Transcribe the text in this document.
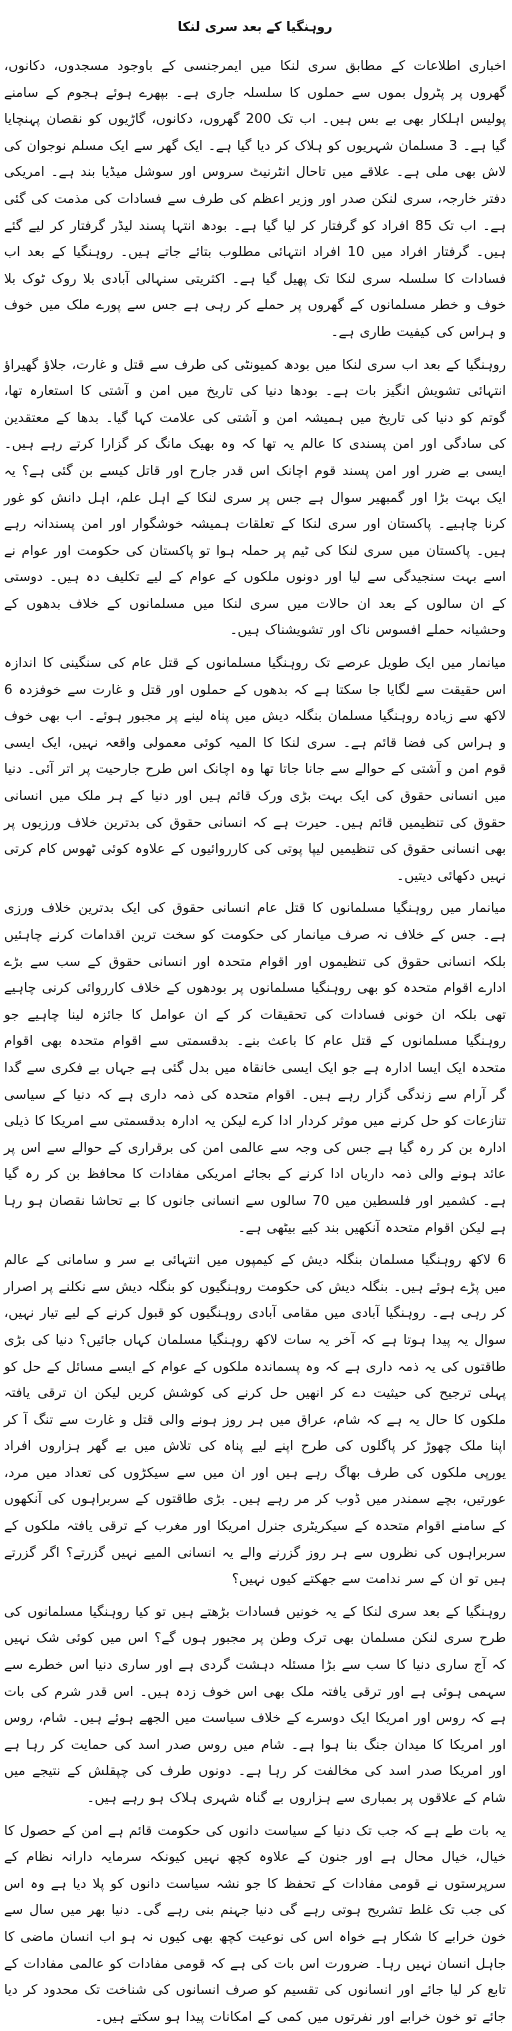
روہنگیا کے بعد سری لنکا

اخباری اطلاعات کے مطابق سری لنکا میں ایمرجنسی کے باوجود مسجدوں، دکانوں، گھروں پر پٹرول بموں سے حملوں کا سلسلہ جاری ہے۔ بپھرے ہوئے ہجوم کے سامنے پولیس اہلکار بھی بے بس ہیں۔ اب تک 200 گھروں، دکانوں، گاڑیوں کو نقصان پہنچایا گیا ہے۔ 3 مسلمان شہریوں کو ہلاک کر دیا گیا ہے۔ ایک گھر سے ایک مسلم نوجوان کی لاش بھی ملی ہے۔ علاقے میں تاحال انٹرنیٹ سروس اور سوشل میڈیا بند ہے۔ امریکی دفتر خارجہ، سری لنکن صدر اور وزیر اعظم کی طرف سے فسادات کی مذمت کی گئی ہے۔ اب تک 85 افراد کو گرفتار کر لیا گیا ہے۔ بودھ انتہا پسند لیڈر گرفتار کر لیے گئے ہیں۔ گرفتار افراد میں 10 افراد انتہائی مطلوب بتائے جاتے ہیں۔ روہنگیا کے بعد اب فسادات کا سلسلہ سری لنکا تک پھیل گیا ہے۔ اکثریتی سنہالی آبادی بلا روک ٹوک بلا خوف و خطر مسلمانوں کے گھروں پر حملے کر رہی ہے جس سے پورے ملک میں خوف و ہراس کی کیفیت طاری ہے۔

روہنگیا کے بعد اب سری لنکا میں بودھ کمیونٹی کی طرف سے قتل و غارت، جلاؤ گھیراؤ انتہائی تشویش انگیز بات ہے۔ بودھا دنیا کی تاریخ میں امن و آشتی کا استعارہ تھا، گوتم کو دنیا کی تاریخ میں ہمیشہ امن و آشتی کی علامت کہا گیا۔ بدھا کے معتقدین کی سادگی اور امن پسندی کا عالم یہ تھا کہ وہ بھیک مانگ کر گزارا کرتے رہے ہیں۔ ایسی بے ضرر اور امن پسند قوم اچانک اس قدر جارح اور قاتل کیسے بن گئی ہے؟ یہ ایک بہت بڑا اور گمبھیر سوال ہے جس پر سری لنکا کے اہل علم، اہل دانش کو غور کرنا چاہیے۔ پاکستان اور سری لنکا کے تعلقات ہمیشہ خوشگوار اور امن پسندانہ رہے ہیں۔ پاکستان میں سری لنکا کی ٹیم پر حملہ ہوا تو پاکستان کی حکومت اور عوام نے اسے بہت سنجیدگی سے لیا اور دونوں ملکوں کے عوام کے لیے تکلیف دہ ہیں۔ دوستی کے ان سالوں کے بعد ان حالات میں سری لنکا میں مسلمانوں کے خلاف بدھوں کے وحشیانہ حملے افسوس ناک اور تشویشناک ہیں۔

میانمار میں ایک طویل عرصے تک روہنگیا مسلمانوں کے قتل عام کی سنگینی کا اندازہ اس حقیقت سے لگایا جا سکتا ہے کہ بدھوں کے حملوں اور قتل و غارت سے خوفزدہ 6 لاکھ سے زیادہ روہنگیا مسلمان بنگلہ دیش میں پناہ لینے پر مجبور ہوئے۔ اب بھی خوف و ہراس کی فضا قائم ہے۔ سری لنکا کا المیہ کوئی معمولی واقعہ نہیں، ایک ایسی قوم امن و آشتی کے حوالے سے جانا جاتا تھا وہ اچانک اس طرح جارحیت پر اتر آئی۔ دنیا میں انسانی حقوق کی ایک بہت بڑی ورک قائم ہیں اور دنیا کے ہر ملک میں انسانی حقوق کی تنظیمیں قائم ہیں۔ حیرت ہے کہ انسانی حقوق کی بدترین خلاف ورزیوں پر بھی انسانی حقوق کی تنظیمیں لیپا پوتی کی کارروائیوں کے علاوہ کوئی ٹھوس کام کرتی نہیں دکھائی دیتیں۔

میانمار میں روہنگیا مسلمانوں کا قتل عام انسانی حقوق کی ایک بدترین خلاف ورزی ہے۔ جس کے خلاف نہ صرف میانمار کی حکومت کو سخت ترین اقدامات کرنے چاہئیں بلکہ انسانی حقوق کی تنظیموں اور اقوام متحدہ اور انسانی حقوق کے سب سے بڑے ادارے اقوام متحدہ کو بھی روہنگیا مسلمانوں پر بودھوں کے خلاف کارروائی کرنی چاہیے تھی بلکہ ان خونی فسادات کی تحقیقات کر کے ان عوامل کا جائزہ لینا چاہیے جو روہنگیا مسلمانوں کے قتل عام کا باعث بنے۔ بدقسمتی سے اقوام متحدہ بھی اقوام متحدہ ایک ایسا ادارہ ہے جو ایک ایسی خانقاہ میں بدل گئی ہے جہاں بے فکری سے گدا گر آرام سے زندگی گزار رہے ہیں۔ اقوام متحدہ کی ذمہ داری ہے کہ دنیا کے سیاسی تنازعات کو حل کرنے میں موثر کردار ادا کرے لیکن یہ ادارہ بدقسمتی سے امریکا کا ذیلی ادارہ بن کر رہ گیا ہے جس کی وجہ سے عالمی امن کی برقراری کے حوالے سے اس پر عائد ہونے والی ذمہ داریاں ادا کرنے کے بجائے امریکی مفادات کا محافظ بن کر رہ گیا ہے۔ کشمیر اور فلسطین میں 70 سالوں سے انسانی جانوں کا بے تحاشا نقصان ہو رہا ہے لیکن اقوام متحدہ آنکھیں بند کیے بیٹھی ہے۔

6 لاکھ روہنگیا مسلمان بنگلہ دیش کے کیمپوں میں انتہائی بے سر و سامانی کے عالم میں پڑے ہوئے ہیں۔ بنگلہ دیش کی حکومت روہنگیوں کو بنگلہ دیش سے نکلنے پر اصرار کر رہی ہے۔ روہنگیا آبادی میں مقامی آبادی روہنگیوں کو قبول کرنے کے لیے تیار نہیں، سوال یہ پیدا ہوتا ہے کہ آخر یہ سات لاکھ روہنگیا مسلمان کہاں جائیں؟ دنیا کی بڑی طاقتوں کی یہ ذمہ داری ہے کہ وہ پسماندہ ملکوں کے عوام کے ایسے مسائل کے حل کو پہلی ترجیح کی حیثیت دے کر انھیں حل کرنے کی کوشش کریں لیکن ان ترقی یافتہ ملکوں کا حال یہ ہے کہ شام، عراق میں ہر روز ہونے والی قتل و غارت سے تنگ آ کر اپنا ملک چھوڑ کر پاگلوں کی طرح اپنے لیے پناہ کی تلاش میں بے گھر ہزاروں افراد یورپی ملکوں کی طرف بھاگ رہے ہیں اور ان میں سے سیکڑوں کی تعداد میں مرد، عورتیں، بچے سمندر میں ڈوب کر مر رہے ہیں۔ بڑی طاقتوں کے سربراہوں کی آنکھوں کے سامنے اقوام متحدہ کے سیکریٹری جنرل امریکا اور مغرب کے ترقی یافتہ ملکوں کے سربراہوں کی نظروں سے ہر روز گزرنے والے یہ انسانی المیے نہیں گزرتے؟ اگر گزرتے ہیں تو ان کے سر ندامت سے جھکتے کیوں نہیں؟

روہنگیا کے بعد سری لنکا کے یہ خونیں فسادات بڑھتے ہیں تو کیا روہنگیا مسلمانوں کی طرح سری لنکن مسلمان بھی ترک وطن پر مجبور ہوں گے؟ اس میں کوئی شک نہیں کہ آج ساری دنیا کا سب سے بڑا مسئلہ دہشت گردی ہے اور ساری دنیا اس خطرے سے سہمی ہوئی ہے اور ترقی یافتہ ملک بھی اس خوف زدہ ہیں۔ اس قدر شرم کی بات ہے کہ روس اور امریکا ایک دوسرے کے خلاف سیاست میں الجھے ہوئے ہیں۔ شام، روس اور امریکا کا میدان جنگ بنا ہوا ہے۔ شام میں روس صدر اسد کی حمایت کر رہا ہے اور امریکا صدر اسد کی مخالفت کر رہا ہے۔ دونوں طرف کی چپقلش کے نتیجے میں شام کے علاقوں پر بمباری سے ہزاروں بے گناہ شہری ہلاک ہو رہے ہیں۔

یہ بات طے ہے کہ جب تک دنیا کے سیاست دانوں کی حکومت قائم ہے امن کے حصول کا خیال، خیال محال ہے اور جنون کے علاوہ کچھ نہیں کیونکہ سرمایہ دارانہ نظام کے سرپرستوں نے قومی مفادات کے تحفظ کا جو نشہ سیاست دانوں کو پلا دیا ہے وہ اس کی جب تک غلط تشریح ہوتی رہے گی دنیا جہنم بنی رہے گی۔ دنیا بھر میں سال سے خون خرابے کا شکار ہے خواہ اس کی نوعیت کچھ بھی کیوں نہ ہو اب انسان ماضی کا جاہل انسان نہیں رہا۔ ضرورت اس بات کی ہے کہ قومی مفادات کو عالمی مفادات کے تابع کر لیا جائے اور انسانوں کی تقسیم کو صرف انسانوں کی شناخت تک محدود کر دیا جائے تو خون خرابے اور نفرتوں میں کمی کے امکانات پیدا ہو سکتے ہیں۔
